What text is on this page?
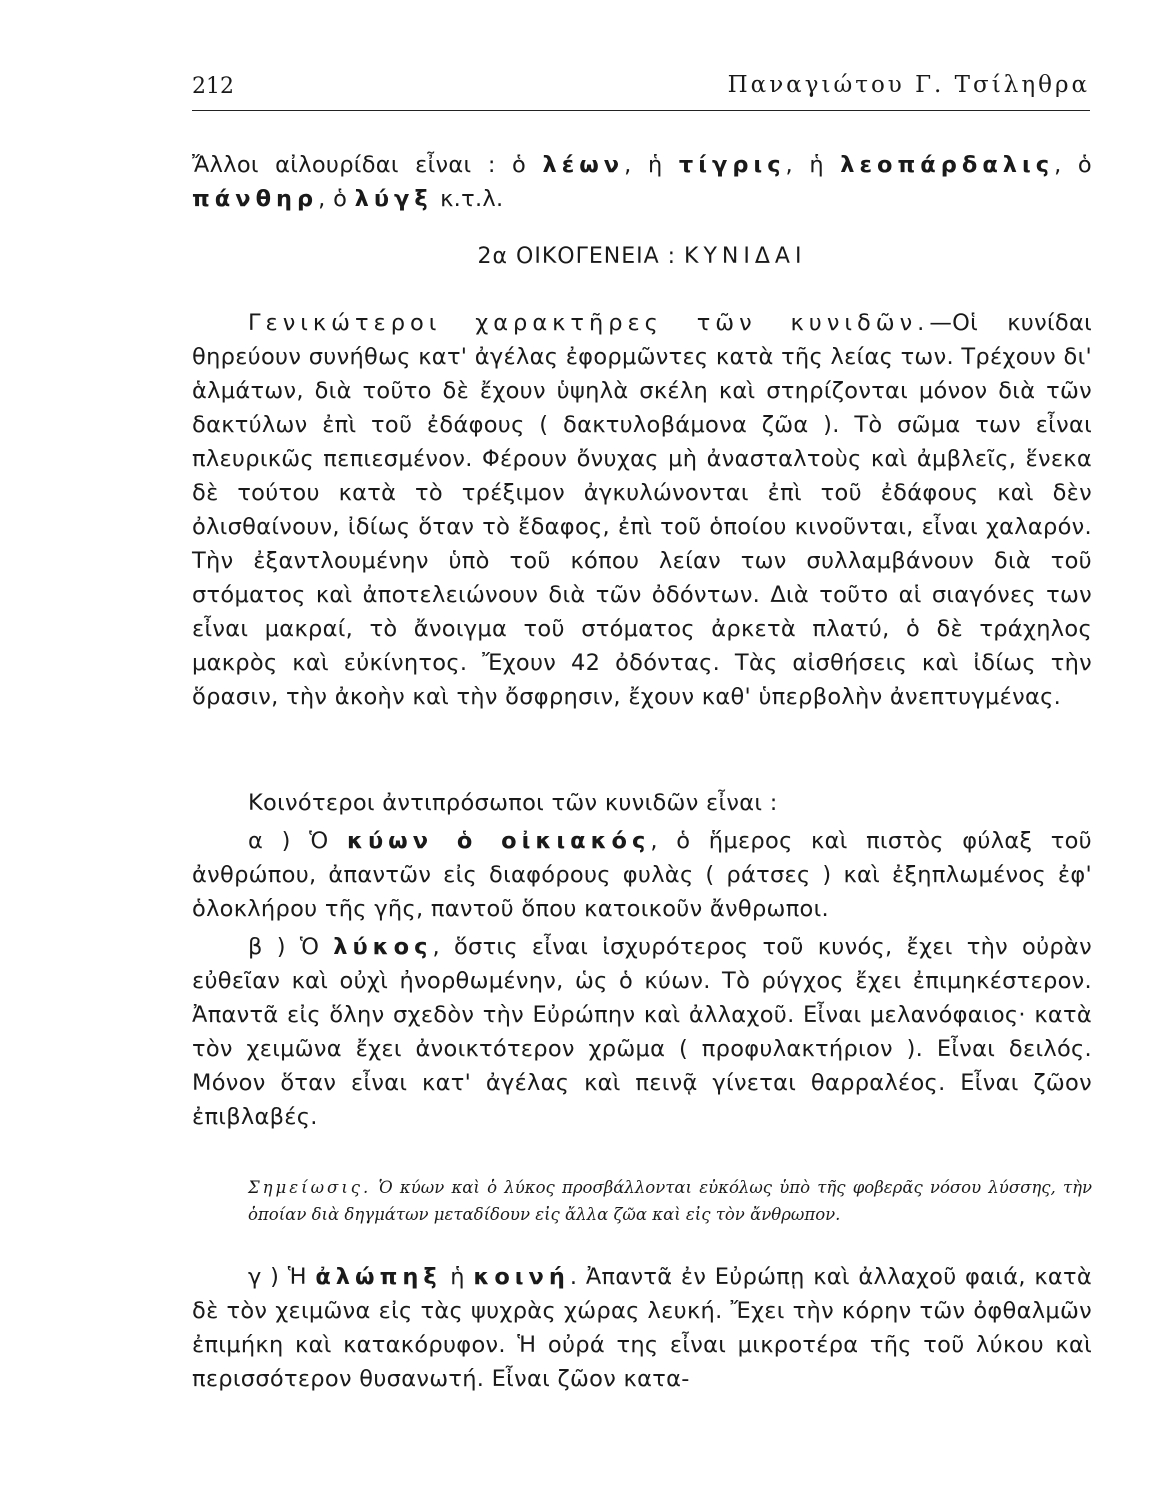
212	Παναγιώτου Γ. Τσίληθρα

Ἄλλοι αἰλουρίδαι εἶναι : ὁ λέων, ἡ τίγρις, ἡ λεοπάρδαλις, ὁ πάνθηρ, ὁ λύγξ κ.τ.λ.

2α ΟΙΚΟΓΕΝΕΙΑ : ΚΥΝΙΔΑΙ

Γενικώτεροι χαρακτῆρες τῶν κυνιδῶν.—Οἱ κυνίδαι θηρεύουν συνήθως κατ' ἀγέλας ἐφορμῶντες κατὰ τῆς λείας των. Τρέχουν δι' ἁλμάτων, διὰ τοῦτο δὲ ἔχουν ὑψηλὰ σκέλη καὶ στηρίζονται μόνον διὰ τῶν δακτύλων ἐπὶ τοῦ ἐδάφους ( δακτυλοβάμονα ζῶα ). Τὸ σῶμα των εἶναι πλευρικῶς πεπιεσμένον. Φέρουν ὄνυχας μὴ ἀνασταλτοὺς καὶ ἀμβλεῖς, ἕνεκα δὲ τούτου κατὰ τὸ τρέξιμον ἀγκυλώνονται ἐπὶ τοῦ ἐδάφους καὶ δὲν ὀλισθαίνουν, ἰδίως ὅταν τὸ ἔδαφος, ἐπὶ τοῦ ὁποίου κινοῦνται, εἶναι χαλαρόν. Τὴν ἐξαντλουμένην ὑπὸ τοῦ κόπου λείαν των συλλαμβάνουν διὰ τοῦ στόματος καὶ ἀποτελειώνουν διὰ τῶν ὀδόντων. Διὰ τοῦτο αἱ σιαγόνες των εἶναι μακραί, τὸ ἄνοιγμα τοῦ στόματος ἀρκετὰ πλατύ, ὁ δὲ τράχηλος μακρὸς καὶ εὐκίνητος. Ἔχουν 42 ὀδόντας. Τὰς αἰσθήσεις καὶ ἰδίως τὴν ὅρασιν, τὴν ἀκοὴν καὶ τὴν ὄσφρησιν, ἔχουν καθ' ὑπερβολὴν ἀνεπτυγμένας.

Κοινότεροι ἀντιπρόσωποι τῶν κυνιδῶν εἶναι :

α ) Ὁ κύων ὁ οἰκιακός, ὁ ἥμερος καὶ πιστὸς φύλαξ τοῦ ἀνθρώπου, ἀπαντῶν εἰς διαφόρους φυλὰς ( ράτσες ) καὶ ἐξηπλωμένος ἐφ' ὁλοκλήρου τῆς γῆς, παντοῦ ὅπου κατοικοῦν ἄνθρωποι.

β ) Ὁ λύκος, ὅστις εἶναι ἰσχυρότερος τοῦ κυνός, ἔχει τὴν οὐρὰν εὐθεῖαν καὶ οὐχὶ ἠνορθωμένην, ὡς ὁ κύων. Τὸ ρύγχος ἔχει ἐπιμηκέστερον. Ἀπαντᾶ εἰς ὅλην σχεδὸν τὴν Εὐρώπην καὶ ἀλλαχοῦ. Εἶναι μελανόφαιος· κατὰ τὸν χειμῶνα ἔχει ἀνοικτότερον χρῶμα ( προφυλακτήριον ). Εἶναι δειλός. Μόνον ὅταν εἶναι κατ' ἀγέλας καὶ πεινᾷ γίνεται θαρραλέος. Εἶναι ζῶον ἐπιβλαβές.

Σημείωσις. Ὁ κύων καὶ ὁ λύκος προσβάλλονται εὐκόλως ὑπὸ τῆς φοβερᾶς νόσου λύσσης, τὴν ὁποίαν διὰ δηγμάτων μεταδίδουν εἰς ἄλλα ζῶα καὶ εἰς τὸν ἄνθρωπον.

γ ) Ἡ ἀλώπηξ ἡ κοινή. Ἀπαντᾶ ἐν Εὐρώπῃ καὶ ἀλλαχοῦ φαιά, κατὰ δὲ τὸν χειμῶνα εἰς τὰς ψυχρὰς χώρας λευκή. Ἔχει τὴν κόρην τῶν ὀφθαλμῶν ἐπιμήκη καὶ κατακόρυφον. Ἡ οὐρά της εἶναι μικροτέρα τῆς τοῦ λύκου καὶ περισσότερον θυσανωτή. Εἶναι ζῶον κατα-
